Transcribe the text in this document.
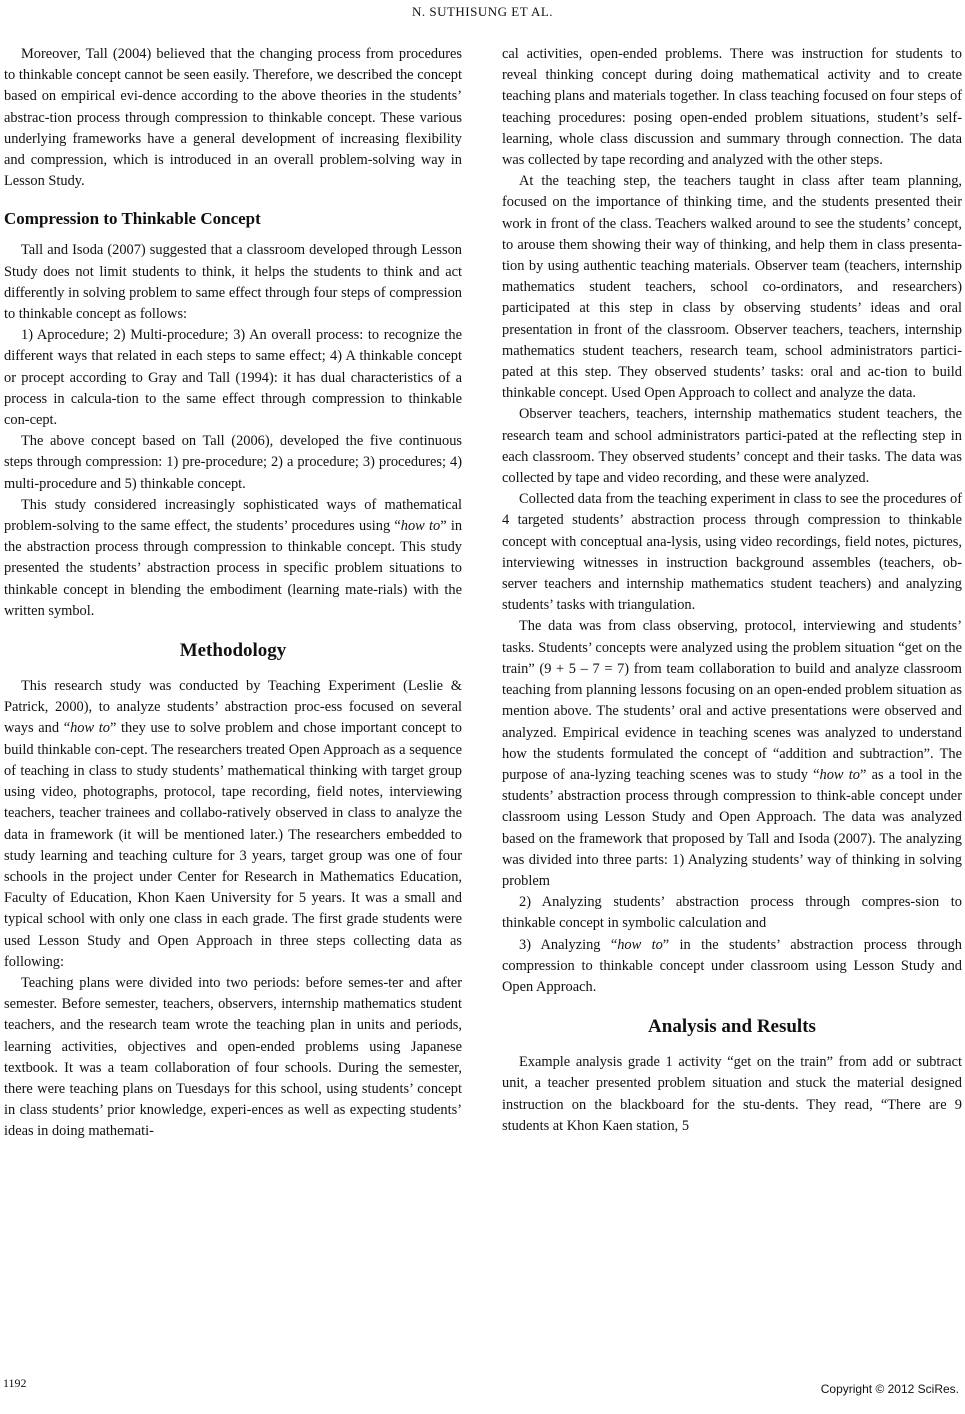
N. SUTHISUNG ET AL.

Moreover, Tall (2004) believed that the changing process from procedures to thinkable concept cannot be seen easily. Therefore, we described the concept based on empirical evi-dence according to the above theories in the students’ abstrac-tion process through compression to thinkable concept. These various underlying frameworks have a general development of increasing flexibility and compression, which is introduced in an overall problem-solving way in Lesson Study.

Compression to Thinkable Concept

Tall and Isoda (2007) suggested that a classroom developed through Lesson Study does not limit students to think, it helps the students to think and act differently in solving problem to same effect through four steps of compression to thinkable concept as follows:

1) Aprocedure; 2) Multi-procedure; 3) An overall process: to recognize the different ways that related in each steps to same effect; 4) A thinkable concept or procept according to Gray and Tall (1994): it has dual characteristics of a process in calcula-tion to the same effect through compression to thinkable con-cept.

The above concept based on Tall (2006), developed the five continuous steps through compression: 1) pre-procedure; 2) a procedure; 3) procedures; 4) multi-procedure and 5) thinkable concept.

This study considered increasingly sophisticated ways of mathematical problem-solving to the same effect, the students’ procedures using “how to” in the abstraction process through compression to thinkable concept. This study presented the students’ abstraction process in specific problem situations to thinkable concept in blending the embodiment (learning mate-rials) with the written symbol.

Methodology

This research study was conducted by Teaching Experiment (Leslie & Patrick, 2000), to analyze students’ abstraction proc-ess focused on several ways and “how to” they use to solve problem and chose important concept to build thinkable con-cept. The researchers treated Open Approach as a sequence of teaching in class to study students’ mathematical thinking with target group using video, photographs, protocol, tape recording, field notes, interviewing teachers, teacher trainees and collabo-ratively observed in class to analyze the data in framework (it will be mentioned later.) The researchers embedded to study learning and teaching culture for 3 years, target group was one of four schools in the project under Center for Research in Mathematics Education, Faculty of Education, Khon Kaen University for 5 years. It was a small and typical school with only one class in each grade. The first grade students were used Lesson Study and Open Approach in three steps collecting data as following:

Teaching plans were divided into two periods: before semes-ter and after semester. Before semester, teachers, observers, internship mathematics student teachers, and the research team wrote the teaching plan in units and periods, learning activities, objectives and open-ended problems using Japanese textbook. It was a team collaboration of four schools. During the semester, there were teaching plans on Tuesdays for this school, using students’ concept in class students’ prior knowledge, experi-ences as well as expecting students’ ideas in doing mathemati-

cal activities, open-ended problems. There was instruction for students to reveal thinking concept during doing mathematical activity and to create teaching plans and materials together. In class teaching focused on four steps of teaching procedures: posing open-ended problem situations, student’s self-learning, whole class discussion and summary through connection. The data was collected by tape recording and analyzed with the other steps.

At the teaching step, the teachers taught in class after team planning, focused on the importance of thinking time, and the students presented their work in front of the class. Teachers walked around to see the students’ concept, to arouse them showing their way of thinking, and help them in class presenta-tion by using authentic teaching materials. Observer team (teachers, internship mathematics student teachers, school co-ordinators, and researchers) participated at this step in class by observing students’ ideas and oral presentation in front of the classroom. Observer teachers, teachers, internship mathematics student teachers, research team, school administrators partici-pated at this step. They observed students’ tasks: oral and ac-tion to build thinkable concept. Used Open Approach to collect and analyze the data.

Observer teachers, teachers, internship mathematics student teachers, the research team and school administrators partici-pated at the reflecting step in each classroom. They observed students’ concept and their tasks. The data was collected by tape and video recording, and these were analyzed.

Collected data from the teaching experiment in class to see the procedures of 4 targeted students’ abstraction process through compression to thinkable concept with conceptual ana-lysis, using video recordings, field notes, pictures, interviewing witnesses in instruction background assembles (teachers, ob-server teachers and internship mathematics student teachers) and analyzing students’ tasks with triangulation.

The data was from class observing, protocol, interviewing and students’ tasks. Students’ concepts were analyzed using the problem situation “get on the train” (9 + 5 – 7 = 7) from team collaboration to build and analyze classroom teaching from planning lessons focusing on an open-ended problem situation as mention above. The students’ oral and active presentations were observed and analyzed. Empirical evidence in teaching scenes was analyzed to understand how the students formulated the concept of “addition and subtraction”. The purpose of ana-lyzing teaching scenes was to study “how to” as a tool in the students’ abstraction process through compression to think-able concept under classroom using Lesson Study and Open Approach. The data was analyzed based on the framework that proposed by Tall and Isoda (2007). The analyzing was divided into three parts: 1) Analyzing students’ way of thinking in solving problem

2) Analyzing students’ abstraction process through compres-sion to thinkable concept in symbolic calculation and

3) Analyzing “how to” in the students’ abstraction process through compression to thinkable concept under classroom using Lesson Study and Open Approach.

Analysis and Results

Example analysis grade 1 activity “get on the train” from add or subtract unit, a teacher presented problem situation and stuck the material designed instruction on the blackboard for the stu-dents. They read, “There are 9 students at Khon Kaen station, 5

1192	Copyright © 2012 SciRes.
